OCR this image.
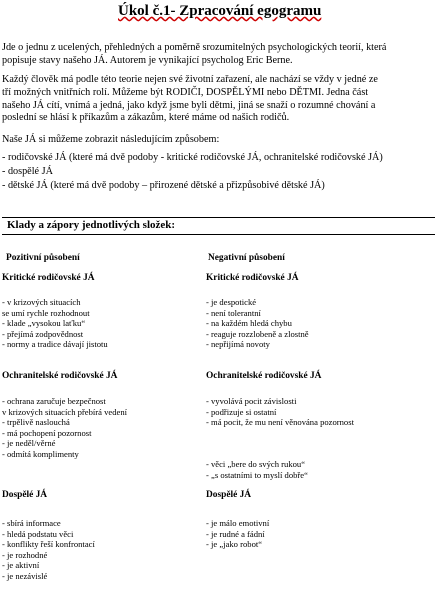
Úkol č.1- Zpracování egogramu
Jde o jednu z ucelených, přehledných a poměrně srozumitelných psychologických teorií, která
popisuje stavy našeho JÁ. Autorem je vynikající psycholog Eric Berne.
Každý člověk má podle této teorie nejen své životní zařazení, ale nachází se vždy v jedné ze
tří možných vnitřních rolí. Můžeme být RODIČI, DOSPĚLÝMI nebo DĚTMI. Jedna část
našeho JÁ cítí, vnímá a jedná, jako když jsme byli dětmi, jiná se snaží o rozumné chování a
poslední se hlásí k příkazům a zákazům, které máme od našich rodičů.
Naše JÁ si můžeme zobrazit následujícím způsobem:
- rodičovské JÁ (které má dvě podoby - kritické rodičovské JÁ, ochranitelské rodičovské JÁ)
- dospělé JÁ
- dětské JÁ (které má dvě podoby – přirozené dětské a přizpůsobivé dětské JÁ)
Klady a zápory jednotlivých složek:
Pozitivní působení
Kritické rodičovské JÁ
- v krizových situacích
se umí rychle rozhodnout
- klade „vysokou laťku“
- přejímá zodpovědnost
- normy a tradice dávají jistotu
Ochranitelské rodičovské JÁ
- ochrana zaručuje bezpečnost
v krizových situacích přebírá vedení
- trpělivě naslouchá
- má pochopení pozornost
- je neděl/věrné
- odmítá komplimenty
Dospělé JÁ
- sbírá informace
- hledá podstatu věci
- konflikty řeší konfrontací
- je rozhodné
- je aktivní
- je nezávislé
Negativní působení
Kritické rodičovské JÁ
- je despotické
- není tolerantní
- na každém hledá chybu
- reaguje rozzlobeně a zlostně
- nepřijímá novoty
Ochranitelské rodičovské JÁ
- vyvolává pocit závislosti
- podřizuje si ostatní
- má pocit, že mu není věnována pozornost
- věci „bere do svých rukou“
- „s ostatními to myslí dobře“
Dospělé JÁ
- je málo emotivní
- je rudné a fádní
- je „jako robot“
